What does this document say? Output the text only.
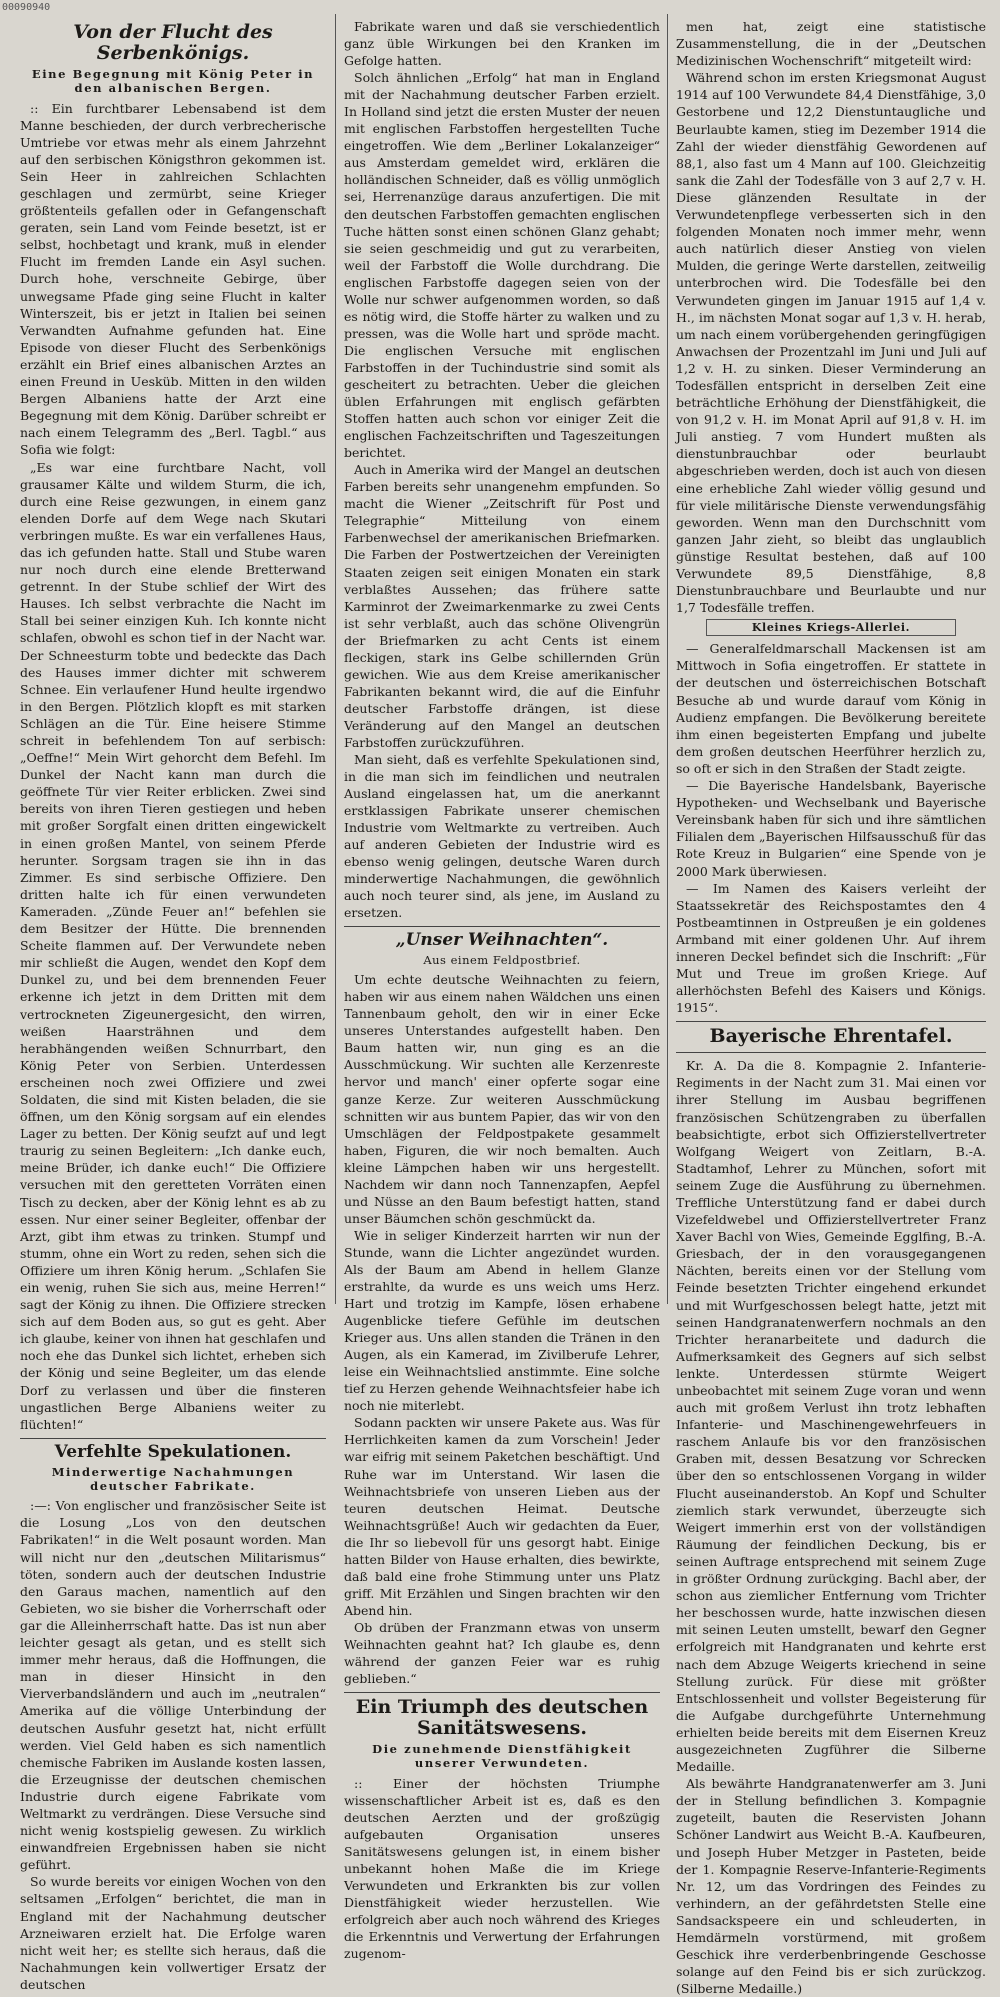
00090940
Von der Flucht des Serbenkönigs.
Eine Begegnung mit König Peter in den albanischen Bergen.

:: Ein furchtbarer Lebensabend ist dem Manne beschieden, der durch verbrecherische Umtriebe vor etwas mehr als einem Jahrzehnt auf den serbischen Königsthron gekommen ist. Sein Heer in zahlreichen Schlachten geschlagen und zermürbt, seine Krieger größtenteils gefallen oder in Gefangenschaft geraten, sein Land vom Feinde besetzt, ist er selbst, hochbetagt und krank, muß in elender Flucht im fremden Lande ein Asyl suchen. Durch hohe, verschneite Gebirge, über unwegsame Pfade ging seine Flucht in kalter Winterszeit, bis er jetzt in Italien bei seinen Verwandten Aufnahme gefunden hat. Eine Episode von dieser Flucht des Serbenkönigs erzählt ein Brief eines albanischen Arztes an einen Freund in Uesküb. Mitten in den wilden Bergen Albaniens hatte der Arzt eine Begegnung mit dem König. Darüber schreibt er nach einem Telegramm des „Berl. Tagbl.“ aus Sofia wie folgt:

„Es war eine furchtbare Nacht, voll grausamer Kälte und wildem Sturm, die ich, durch eine Reise gezwungen, in einem ganz elenden Dorfe auf dem Wege nach Skutari verbringen mußte. Es war ein verfallenes Haus, das ich gefunden hatte. Stall und Stube waren nur noch durch eine elende Bretterwand getrennt. In der Stube schlief der Wirt des Hauses. Ich selbst verbrachte die Nacht im Stall bei seiner einzigen Kuh. Ich konnte nicht schlafen, obwohl es schon tief in der Nacht war. Der Schneesturm tobte und bedeckte das Dach des Hauses immer dichter mit schwerem Schnee. Ein verlaufener Hund heulte irgendwo in den Bergen. Plötzlich klopft es mit starken Schlägen an die Tür. Eine heisere Stimme schreit in befehlendem Ton auf serbisch: „Oeffne!“ Mein Wirt gehorcht dem Befehl. Im Dunkel der Nacht kann man durch die geöffnete Tür vier Reiter erblicken. Zwei sind bereits von ihren Tieren gestiegen und heben mit großer Sorgfalt einen dritten eingewickelt in einen großen Mantel, von seinem Pferde herunter. Sorgsam tragen sie ihn in das Zimmer. Es sind serbische Offiziere. Den dritten halte ich für einen verwundeten Kameraden. „Zünde Feuer an!“ befehlen sie dem Besitzer der Hütte. Die brennenden Scheite flammen auf. Der Verwundete neben mir schließt die Augen, wendet den Kopf dem Dunkel zu, und bei dem brennenden Feuer erkenne ich jetzt in dem Dritten mit dem vertrockneten Zigeunergesicht, den wirren, weißen Haarsträhnen und dem herabhängenden weißen Schnurrbart, den König Peter von Serbien. Unterdessen erscheinen noch zwei Offiziere und zwei Soldaten, die sind mit Kisten beladen, die sie öffnen, um den König sorgsam auf ein elendes Lager zu betten. Der König seufzt auf und legt traurig zu seinen Begleitern: „Ich danke euch, meine Brüder, ich danke euch!“ Die Offiziere versuchen mit den geretteten Vorräten einen Tisch zu decken, aber der König lehnt es ab zu essen. Nur einer seiner Begleiter, offenbar der Arzt, gibt ihm etwas zu trinken. Stumpf und stumm, ohne ein Wort zu reden, sehen sich die Offiziere um ihren König herum. „Schlafen Sie ein wenig, ruhen Sie sich aus, meine Herren!“ sagt der König zu ihnen. Die Offiziere strecken sich auf dem Boden aus, so gut es geht. Aber ich glaube, keiner von ihnen hat geschlafen und noch ehe das Dunkel sich lichtet, erheben sich der König und seine Begleiter, um das elende Dorf zu verlassen und über die finsteren ungastlichen Berge Albaniens weiter zu flüchten!“

Verfehlte Spekulationen.
Minderwertige Nachahmungen deutscher Fabrikate.

:—: Von englischer und französischer Seite ist die Losung „Los von den deutschen Fabrikaten!“ in die Welt posaunt worden. Man will nicht nur den „deutschen Militarismus“ töten, sondern auch der deutschen Industrie den Garaus machen, namentlich auf den Gebieten, wo sie bisher die Vorherrschaft oder gar die Alleinherrschaft hatte. Das ist nun aber leichter gesagt als getan, und es stellt sich immer mehr heraus, daß die Hoffnungen, die man in dieser Hinsicht in den Vierverbandsländern und auch im „neutralen“ Amerika auf die völlige Unterbindung der deutschen Ausfuhr gesetzt hat, nicht erfüllt werden. Viel Geld haben es sich namentlich chemische Fabriken im Auslande kosten lassen, die Erzeugnisse der deutschen chemischen Industrie durch eigene Fabrikate vom Weltmarkt zu verdrängen. Diese Versuche sind nicht wenig kostspielig gewesen. Zu wirklich einwandfreien Ergebnissen haben sie nicht geführt.

So wurde bereits vor einigen Wochen von den seltsamen „Erfolgen“ berichtet, die man in England mit der Nachahmung deutscher Arzneiwaren erzielt hat. Die Erfolge waren nicht weit her; es stellte sich heraus, daß die Nachahmungen kein vollwertiger Ersatz der deutschen

Fabrikate waren und daß sie verschiedentlich ganz üble Wirkungen bei den Kranken im Gefolge hatten.

Solch ähnlichen „Erfolg“ hat man in England mit der Nachahmung deutscher Farben erzielt. In Holland sind jetzt die ersten Muster der neuen mit englischen Farbstoffen hergestellten Tuche eingetroffen. Wie dem „Berliner Lokalanzeiger“ aus Amsterdam gemeldet wird, erklären die holländischen Schneider, daß es völlig unmöglich sei, Herrenanzüge daraus anzufertigen. Die mit den deutschen Farbstoffen gemachten englischen Tuche hätten sonst einen schönen Glanz gehabt; sie seien geschmeidig und gut zu verarbeiten, weil der Farbstoff die Wolle durchdrang. Die englischen Farbstoffe dagegen seien von der Wolle nur schwer aufgenommen worden, so daß es nötig wird, die Stoffe härter zu walken und zu pressen, was die Wolle hart und spröde macht. Die englischen Versuche mit englischen Farbstoffen in der Tuchindustrie sind somit als gescheitert zu betrachten. Ueber die gleichen üblen Erfahrungen mit englisch gefärbten Stoffen hatten auch schon vor einiger Zeit die englischen Fachzeitschriften und Tageszeitungen berichtet.

Auch in Amerika wird der Mangel an deutschen Farben bereits sehr unangenehm empfunden. So macht die Wiener „Zeitschrift für Post und Telegraphie“ Mitteilung von einem Farbenwechsel der amerikanischen Briefmarken. Die Farben der Postwertzeichen der Vereinigten Staaten zeigen seit einigen Monaten ein stark verblaßtes Aussehen; das frühere satte Karminrot der Zweimarkenmarke zu zwei Cents ist sehr verblaßt, auch das schöne Olivengrün der Briefmarken zu acht Cents ist einem fleckigen, stark ins Gelbe schillernden Grün gewichen. Wie aus dem Kreise amerikanischer Fabrikanten bekannt wird, die auf die Einfuhr deutscher Farbstoffe drängen, ist diese Veränderung auf den Mangel an deutschen Farbstoffen zurückzuführen.

Man sieht, daß es verfehlte Spekulationen sind, in die man sich im feindlichen und neutralen Ausland eingelassen hat, um die anerkannt erstklassigen Fabrikate unserer chemischen Industrie vom Weltmarkte zu vertreiben. Auch auf anderen Gebieten der Industrie wird es ebenso wenig gelingen, deutsche Waren durch minderwertige Nachahmungen, die gewöhnlich auch noch teurer sind, als jene, im Ausland zu ersetzen.

„Unser Weihnachten“.
Aus einem Feldpostbrief.

Um echte deutsche Weihnachten zu feiern, haben wir aus einem nahen Wäldchen uns einen Tannenbaum geholt, den wir in einer Ecke unseres Unterstandes aufgestellt haben. Den Baum hatten wir, nun ging es an die Ausschmückung. Wir suchten alle Kerzenreste hervor und manch' einer opferte sogar eine ganze Kerze. Zur weiteren Ausschmückung schnitten wir aus buntem Papier, das wir von den Umschlägen der Feldpostpakete gesammelt haben, Figuren, die wir noch bemalten. Auch kleine Lämpchen haben wir uns hergestellt. Nachdem wir dann noch Tannenzapfen, Aepfel und Nüsse an den Baum befestigt hatten, stand unser Bäumchen schön geschmückt da.

Wie in seliger Kinderzeit harrten wir nun der Stunde, wann die Lichter angezündet wurden. Als der Baum am Abend in hellem Glanze erstrahlte, da wurde es uns weich ums Herz. Hart und trotzig im Kampfe, lösen erhabene Augenblicke tiefere Gefühle im deutschen Krieger aus. Uns allen standen die Tränen in den Augen, als ein Kamerad, im Zivilberufe Lehrer, leise ein Weihnachtslied anstimmte. Eine solche tief zu Herzen gehende Weihnachtsfeier habe ich noch nie miterlebt.

Sodann packten wir unsere Pakete aus. Was für Herrlichkeiten kamen da zum Vorschein! Jeder war eifrig mit seinem Paketchen beschäftigt. Und Ruhe war im Unterstand. Wir lasen die Weihnachtsbriefe von unseren Lieben aus der teuren deutschen Heimat. Deutsche Weihnachtsgrüße! Auch wir gedachten da Euer, die Ihr so liebevoll für uns gesorgt habt. Einige hatten Bilder von Hause erhalten, dies bewirkte, daß bald eine frohe Stimmung unter uns Platz griff. Mit Erzählen und Singen brachten wir den Abend hin.

Ob drüben der Franzmann etwas von unserm Weihnachten geahnt hat? Ich glaube es, denn während der ganzen Feier war es ruhig geblieben.“

Ein Triumph des deutschen Sanitätswesens.
Die zunehmende Dienstfähigkeit unserer Verwundeten.

:: Einer der höchsten Triumphe wissenschaftlicher Arbeit ist es, daß es den deutschen Aerzten und der großzügig aufgebauten Organisation unseres Sanitätswesens gelungen ist, in einem bisher unbekannt hohen Maße die im Kriege Verwundeten und Erkrankten bis zur vollen Dienstfähigkeit wieder herzustellen. Wie erfolgreich aber auch noch während des Krieges die Erkenntnis und Verwertung der Erfahrungen zugenom-

men hat, zeigt eine statistische Zusammenstellung, die in der „Deutschen Medizinischen Wochenschrift“ mitgeteilt wird:

Während schon im ersten Kriegsmonat August 1914 auf 100 Verwundete 84,4 Dienstfähige, 3,0 Gestorbene und 12,2 Dienstuntaugliche und Beurlaubte kamen, stieg im Dezember 1914 die Zahl der wieder dienstfähig Gewordenen auf 88,1, also fast um 4 Mann auf 100. Gleichzeitig sank die Zahl der Todesfälle von 3 auf 2,7 v. H. Diese glänzenden Resultate in der Verwundetenpflege verbesserten sich in den folgenden Monaten noch immer mehr, wenn auch natürlich dieser Anstieg von vielen Mulden, die geringe Werte darstellen, zeitweilig unterbrochen wird. Die Todesfälle bei den Verwundeten gingen im Januar 1915 auf 1,4 v. H., im nächsten Monat sogar auf 1,3 v. H. herab, um nach einem vorübergehenden geringfügigen Anwachsen der Prozentzahl im Juni und Juli auf 1,2 v. H. zu sinken. Dieser Verminderung an Todesfällen entspricht in derselben Zeit eine beträchtliche Erhöhung der Dienstfähigkeit, die von 91,2 v. H. im Monat April auf 91,8 v. H. im Juli anstieg. 7 vom Hundert mußten als dienstunbrauchbar oder beurlaubt abgeschrieben werden, doch ist auch von diesen eine erhebliche Zahl wieder völlig gesund und für viele militärische Dienste verwendungsfähig geworden. Wenn man den Durchschnitt vom ganzen Jahr zieht, so bleibt das unglaublich günstige Resultat bestehen, daß auf 100 Verwundete 89,5 Dienstfähige, 8,8 Dienstunbrauchbare und Beurlaubte und nur 1,7 Todesfälle treffen.

Kleines Kriegs-Allerlei.

— Generalfeldmarschall Mackensen ist am Mittwoch in Sofia eingetroffen. Er stattete in der deutschen und österreichischen Botschaft Besuche ab und wurde darauf vom König in Audienz empfangen. Die Bevölkerung bereitete ihm einen begeisterten Empfang und jubelte dem großen deutschen Heerführer herzlich zu, so oft er sich in den Straßen der Stadt zeigte.

— Die Bayerische Handelsbank, Bayerische Hypotheken- und Wechselbank und Bayerische Vereinsbank haben für sich und ihre sämtlichen Filialen dem „Bayerischen Hilfsausschuß für das Rote Kreuz in Bulgarien“ eine Spende von je 2000 Mark überwiesen.

— Im Namen des Kaisers verleiht der Staatssekretär des Reichspostamtes den 4 Postbeamtinnen in Ostpreußen je ein goldenes Armband mit einer goldenen Uhr. Auf ihrem inneren Deckel befindet sich die Inschrift: „Für Mut und Treue im großen Kriege. Auf allerhöchsten Befehl des Kaisers und Königs. 1915“.

Bayerische Ehrentafel.

Kr. A. Da die 8. Kompagnie 2. Infanterie-Regiments in der Nacht zum 31. Mai einen vor ihrer Stellung im Ausbau begriffenen französischen Schützengraben zu überfallen beabsichtigte, erbot sich Offizierstellvertreter Wolfgang Weigert von Zeitlarn, B.-A. Stadtamhof, Lehrer zu München, sofort mit seinem Zuge die Ausführung zu übernehmen. Treffliche Unterstützung fand er dabei durch Vizefeldwebel und Offizierstellvertreter Franz Xaver Bachl von Wies, Gemeinde Egglfing, B.-A. Griesbach, der in den vorausgegangenen Nächten, bereits einen vor der Stellung vom Feinde besetzten Trichter eingehend erkundet und mit Wurfgeschossen belegt hatte, jetzt mit seinen Handgranatenwerfern nochmals an den Trichter heranarbeitete und dadurch die Aufmerksamkeit des Gegners auf sich selbst lenkte. Unterdessen stürmte Weigert unbeobachtet mit seinem Zuge voran und wenn auch mit großem Verlust ihn trotz lebhaften Infanterie- und Maschinengewehrfeuers in raschem Anlaufe bis vor den französischen Graben mit, dessen Besatzung vor Schrecken über den so entschlossenen Vorgang in wilder Flucht auseinanderstob. An Kopf und Schulter ziemlich stark verwundet, überzeugte sich Weigert immerhin erst von der vollständigen Räumung der feindlichen Deckung, bis er seinen Auftrage entsprechend mit seinem Zuge in größter Ordnung zurückging. Bachl aber, der schon aus ziemlicher Entfernung vom Trichter her beschossen wurde, hatte inzwischen diesen mit seinen Leuten umstellt, bewarf den Gegner erfolgreich mit Handgranaten und kehrte erst nach dem Abzuge Weigerts kriechend in seine Stellung zurück. Für diese mit größter Entschlossenheit und vollster Begeisterung für die Aufgabe durchgeführte Unternehmung erhielten beide bereits mit dem Eisernen Kreuz ausgezeichneten Zugführer die Silberne Medaille.

Als bewährte Handgranatenwerfer am 3. Juni der in Stellung befindlichen 3. Kompagnie zugeteilt, bauten die Reservisten Johann Schöner Landwirt aus Weicht B.-A. Kaufbeuren, und Joseph Huber Metzger in Pasteten, beide der 1. Kompagnie Reserve-Infanterie-Regiments Nr. 12, um das Vordringen des Feindes zu verhindern, an der gefährdetsten Stelle eine Sandsackspeere ein und schleuderten, in Hemdärmeln vorstürmend, mit großem Geschick ihre verderbenbringende Geschosse solange auf den Feind bis er sich zurückzog. (Silberne Medaille.)
